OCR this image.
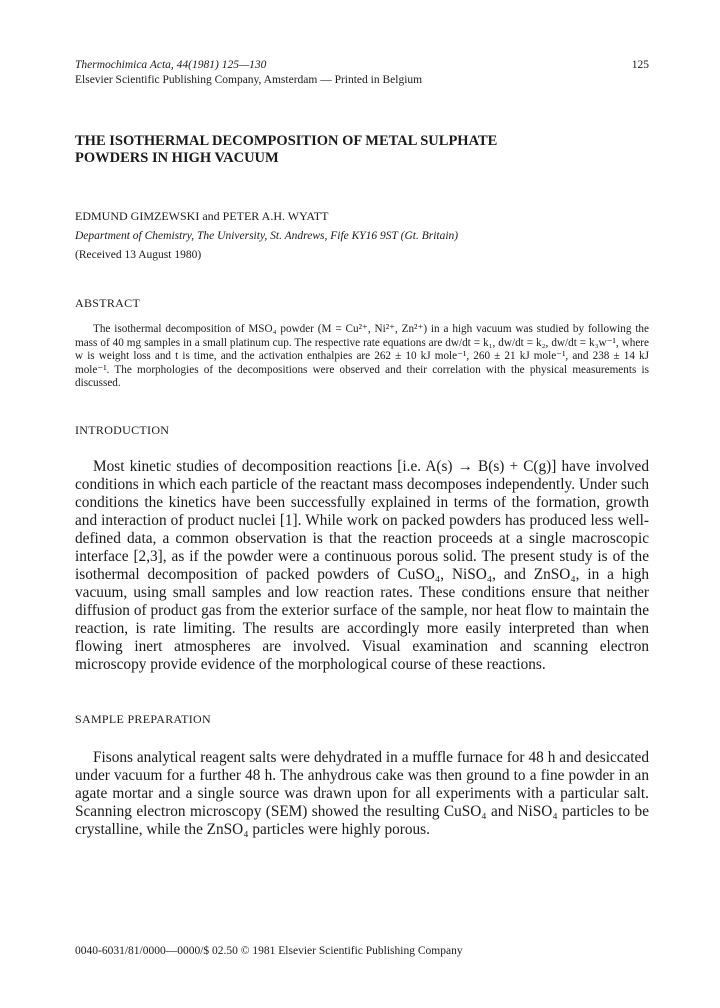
Thermochimica Acta, 44(1981) 125—130	125
Elsevier Scientific Publishing Company, Amsterdam — Printed in Belgium
THE ISOTHERMAL DECOMPOSITION OF METAL SULPHATE
POWDERS IN HIGH VACUUM
EDMUND GIMZEWSKI and PETER A.H. WYATT
Department of Chemistry, The University, St. Andrews, Fife KY16 9ST (Gt. Britain)
(Received 13 August 1980)
ABSTRACT

The isothermal decomposition of MSO₄ powder (M = Cu²⁺, Ni²⁺, Zn²⁺) in a high vacuum was studied by following the mass of 40 mg samples in a small platinum cup. The respective rate equations are dw/dt = k₁, dw/dt = k₂, dw/dt = k₃w⁻¹, where w is weight loss and t is time, and the activation enthalpies are 262 ± 10 kJ mole⁻¹, 260 ± 21 kJ mole⁻¹, and 238 ± 14 kJ mole⁻¹. The morphologies of the decompositions were observed and their correlation with the physical measurements is discussed.

INTRODUCTION

Most kinetic studies of decomposition reactions [i.e. A(s) → B(s) + C(g)] have involved conditions in which each particle of the reactant mass decomposes independently. Under such conditions the kinetics have been successfully explained in terms of the formation, growth and interaction of product nuclei [1]. While work on packed powders has produced less well-defined data, a common observation is that the reaction proceeds at a single macroscopic interface [2,3], as if the powder were a continuous porous solid. The present study is of the isothermal decomposition of packed powders of CuSO₄, NiSO₄, and ZnSO₄, in a high vacuum, using small samples and low reaction rates. These conditions ensure that neither diffusion of product gas from the exterior surface of the sample, nor heat flow to maintain the reaction, is rate limiting. The results are accordingly more easily interpreted than when flowing inert atmospheres are involved. Visual examination and scanning electron microscopy provide evidence of the morphological course of these reactions.

SAMPLE PREPARATION

Fisons analytical reagent salts were dehydrated in a muffle furnace for 48 h and desiccated under vacuum for a further 48 h. The anhydrous cake was then ground to a fine powder in an agate mortar and a single source was drawn upon for all experiments with a particular salt. Scanning electron microscopy (SEM) showed the resulting CuSO₄ and NiSO₄ particles to be crystalline, while the ZnSO₄ particles were highly porous.

0040-6031/81/0000—0000/$ 02.50 © 1981 Elsevier Scientific Publishing Company
